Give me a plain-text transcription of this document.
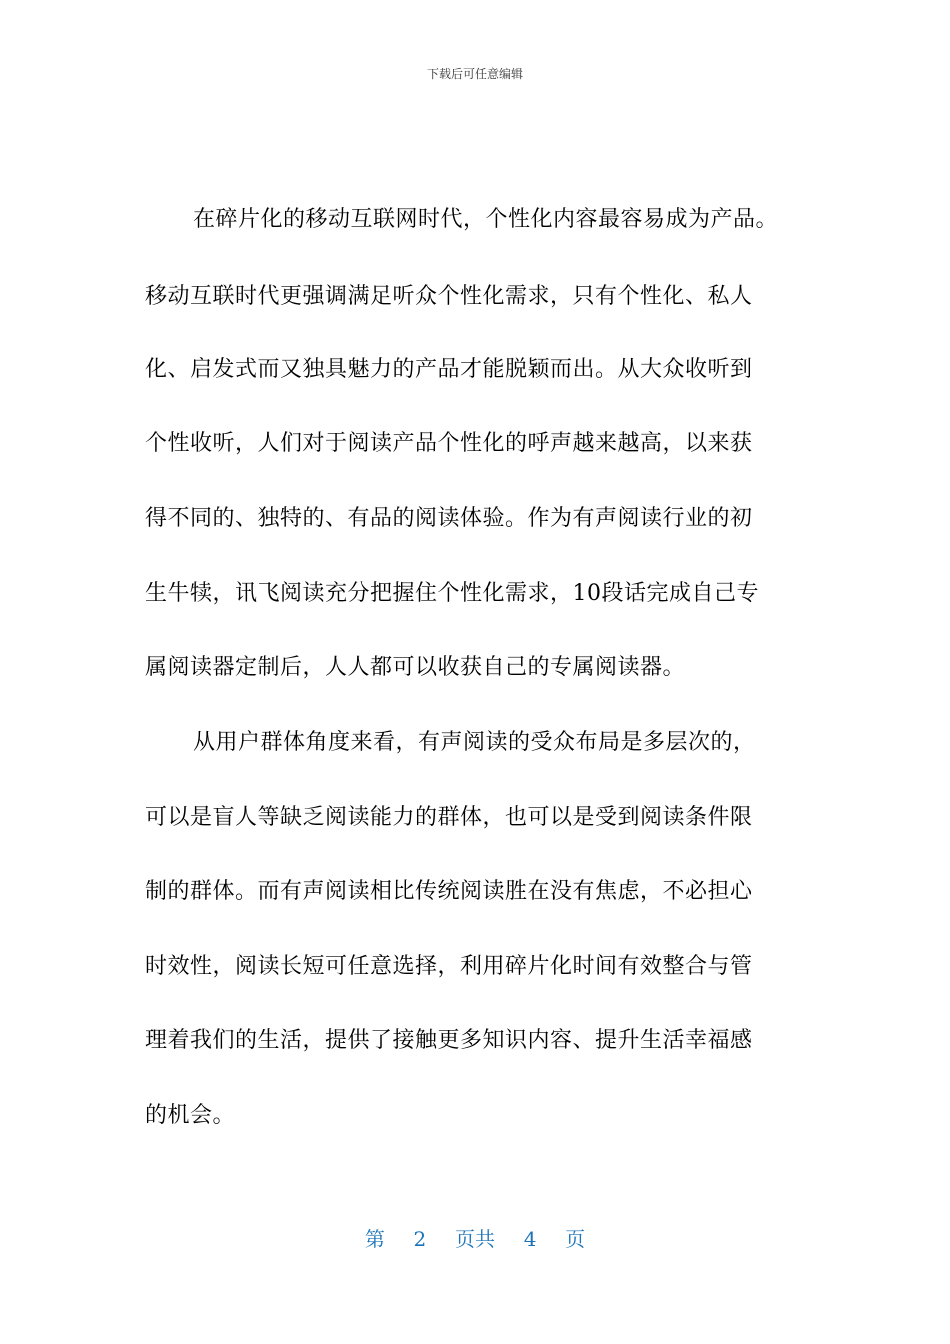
下载后可任意编辑
在碎片化的移动互联网时代，个性化内容最容易成为产品。
移动互联时代更强调满足听众个性化需求，只有个性化、私人
化、启发式而又独具魅力的产品才能脱颖而出。从大众收听到
个性收听，人们对于阅读产品个性化的呼声越来越高，以来获
得不同的、独特的、有品的阅读体验。作为有声阅读行业的初
生牛犊，讯飞阅读充分把握住个性化需求，10段话完成自己专
属阅读器定制后，人人都可以收获自己的专属阅读器。
从用户群体角度来看，有声阅读的受众布局是多层次的，
可以是盲人等缺乏阅读能力的群体，也可以是受到阅读条件限
制的群体。而有声阅读相比传统阅读胜在没有焦虑，不必担心
时效性，阅读长短可任意选择，利用碎片化时间有效整合与管
理着我们的生活，提供了接触更多知识内容、提升生活幸福感
的机会。
第 2 页共 4 页
